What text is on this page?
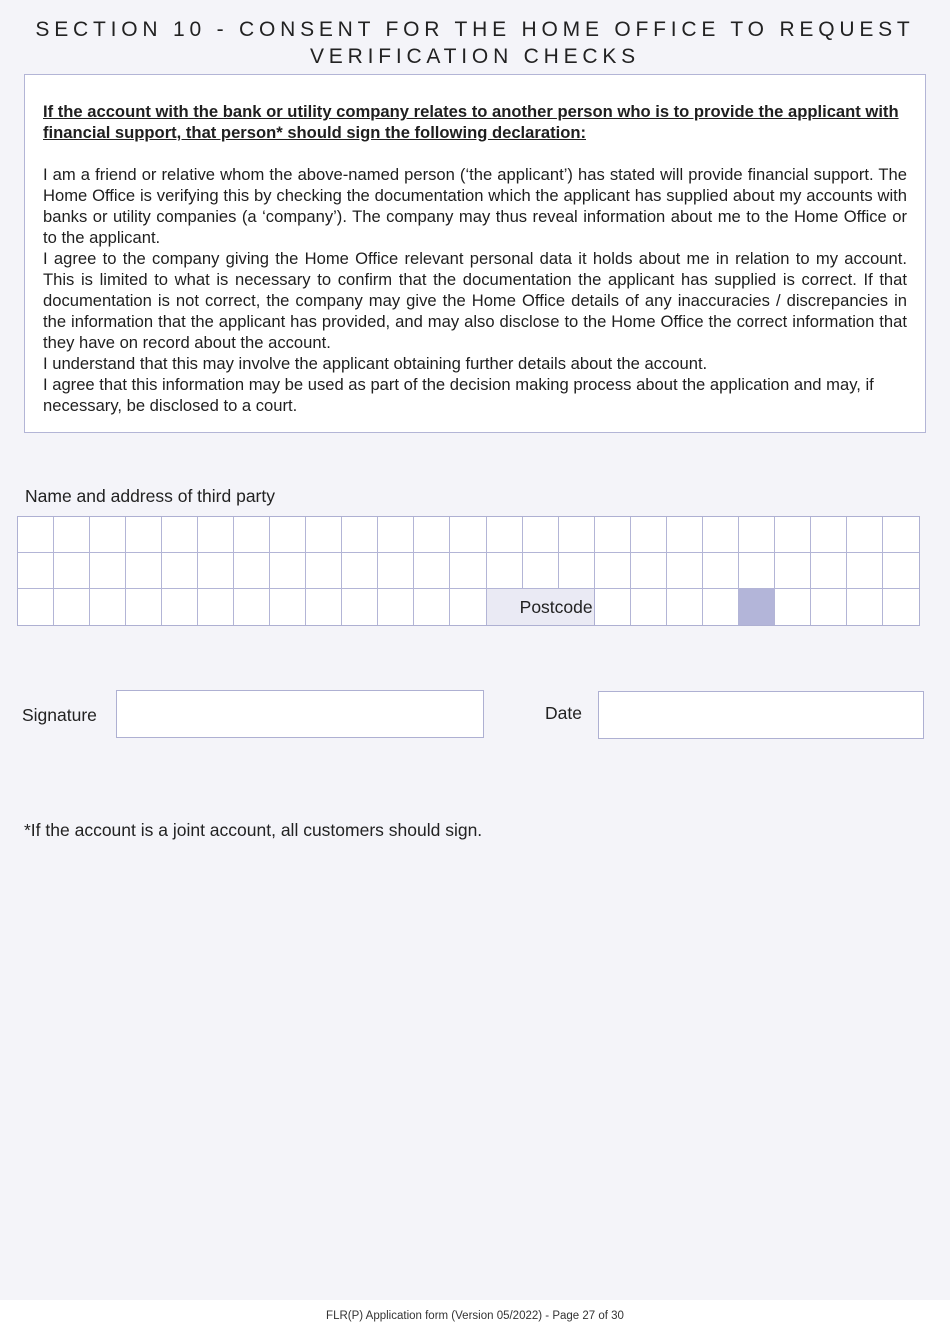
SECTION 10 - CONSENT FOR THE HOME OFFICE TO REQUEST
VERIFICATION CHECKS

If the account with the bank or utility company relates to another person who is to provide the applicant with financial support, that person* should sign the following declaration:

I am a friend or relative whom the above-named person (‘the applicant’) has stated will provide financial support. The Home Office is verifying this by checking the documentation which the applicant has supplied about my accounts with banks or utility companies (a ‘company’). The company may thus reveal information about me to the Home Office or to the applicant.

I agree to the company giving the Home Office relevant personal data it holds about me in relation to my account. This is limited to what is necessary to confirm that the documentation the applicant has supplied is correct. If that documentation is not correct, the company may give the Home Office details of any inaccuracies / discrepancies in the information that the applicant has provided, and may also disclose to the Home Office the correct information that they have on record about the account.

I understand that this may involve the applicant obtaining further details about the account.

I agree that this information may be used as part of the decision making process about the application and may, if necessary, be disclosed to a court.

Name and address of third party
Postcode
Signature	Date
*If the account is a joint account, all customers should sign.
FLR(P) Application form (Version 05/2022) - Page 27 of 30
